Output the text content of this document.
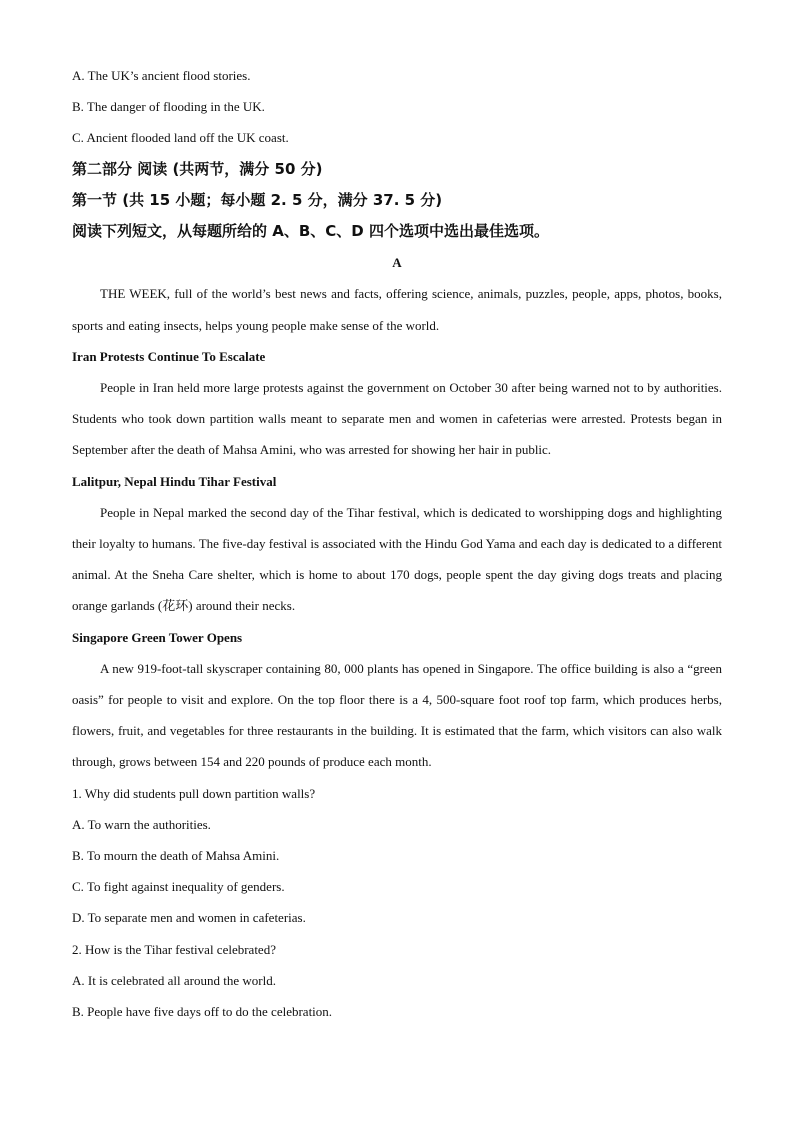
A. The UK’s ancient flood stories.
B. The danger of flooding in the UK.
C. Ancient flooded land off the UK coast.
第二部分 阅读 (共两节，满分 50 分)
第一节 (共 15 小题；每小题 2. 5 分，满分 37. 5 分)
阅读下列短文，从每题所给的 A、B、C、D 四个选项中选出最佳选项。
A
THE WEEK, full of the world’s best news and facts, offering science, animals, puzzles, people, apps, photos, books, sports and eating insects, helps young people make sense of the world.
Iran Protests Continue To Escalate
People in Iran held more large protests against the government on October 30 after being warned not to by authorities. Students who took down partition walls meant to separate men and women in cafeterias were arrested. Protests began in September after the death of Mahsa Amini, who was arrested for showing her hair in public.
Lalitpur, Nepal Hindu Tihar Festival
People in Nepal marked the second day of the Tihar festival, which is dedicated to worshipping dogs and highlighting their loyalty to humans. The five-day festival is associated with the Hindu God Yama and each day is dedicated to a different animal. At the Sneha Care shelter, which is home to about 170 dogs, people spent the day giving dogs treats and placing orange garlands (花环) around their necks.
Singapore Green Tower Opens
A new 919-foot-tall skyscraper containing 80, 000 plants has opened in Singapore. The office building is also a “green oasis” for people to visit and explore. On the top floor there is a 4, 500-square foot roof top farm, which produces herbs, flowers, fruit, and vegetables for three restaurants in the building. It is estimated that the farm, which visitors can also walk through, grows between 154 and 220 pounds of produce each month.
1. Why did students pull down partition walls?
A. To warn the authorities.
B. To mourn the death of Mahsa Amini.
C. To fight against inequality of genders.
D. To separate men and women in cafeterias.
2. How is the Tihar festival celebrated?
A. It is celebrated all around the world.
B. People have five days off to do the celebration.
